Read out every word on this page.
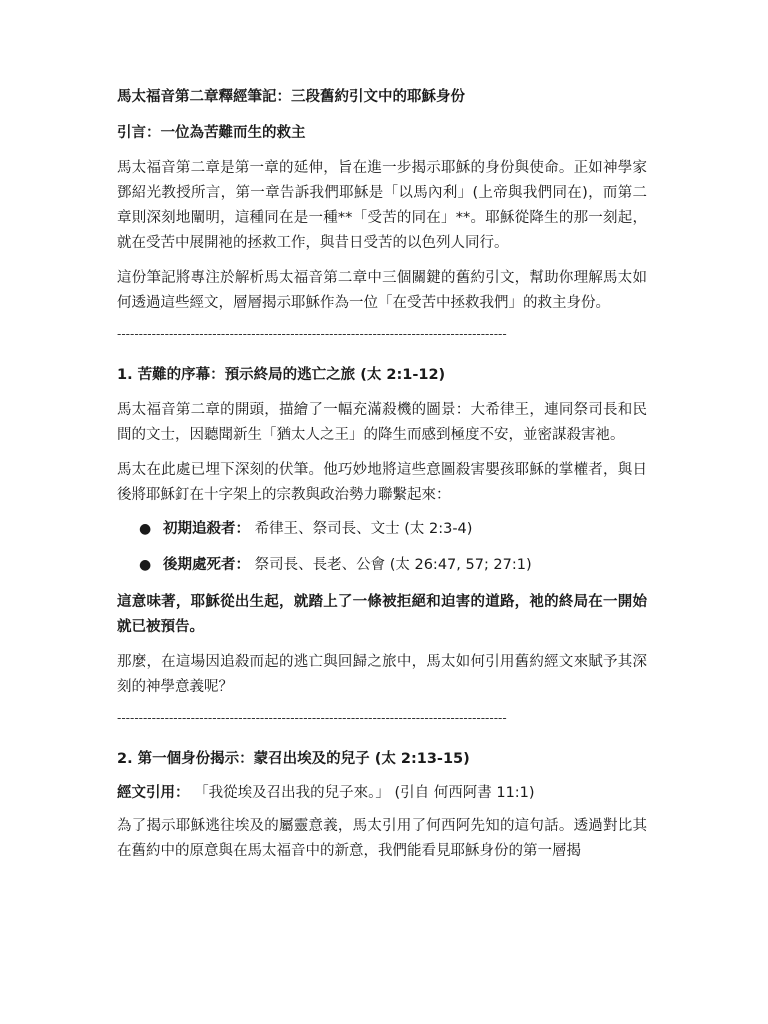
馬太福音第二章釋經筆記：三段舊約引文中的耶穌身份
引言：一位為苦難而生的救主
馬太福音第二章是第一章的延伸，旨在進一步揭示耶穌的身份與使命。正如神學家鄧紹光教授所言，第一章告訴我們耶穌是「以馬內利」(上帝與我們同在)，而第二章則深刻地闡明，這種同在是一種**「受苦的同在」**。耶穌從降生的那一刻起，就在受苦中展開祂的拯救工作，與昔日受苦的以色列人同行。
這份筆記將專注於解析馬太福音第二章中三個關鍵的舊約引文，幫助你理解馬太如何透過這些經文，層層揭示耶穌作為一位「在受苦中拯救我們」的救主身份。
------------------------------------------------------------------------------------------
1. 苦難的序幕：預示終局的逃亡之旅 (太 2:1-12)
馬太福音第二章的開頭，描繪了一幅充滿殺機的圖景：大希律王，連同祭司長和民間的文士，因聽聞新生「猶太人之王」的降生而感到極度不安，並密謀殺害祂。
馬太在此處已埋下深刻的伏筆。他巧妙地將這些意圖殺害嬰孩耶穌的掌權者，與日後將耶穌釘在十字架上的宗教與政治勢力聯繫起來：
● 初期追殺者： 希律王、祭司長、文士 (太 2:3-4)
● 後期處死者： 祭司長、長老、公會 (太 26:47, 57; 27:1)
這意味著，耶穌從出生起，就踏上了一條被拒絕和迫害的道路，祂的終局在一開始就已被預告。
那麼，在這場因追殺而起的逃亡與回歸之旅中，馬太如何引用舊約經文來賦予其深刻的神學意義呢？
------------------------------------------------------------------------------------------
2. 第一個身份揭示：蒙召出埃及的兒子 (太 2:13-15)
經文引用： 「我從埃及召出我的兒子來。」 (引自 何西阿書 11:1)
為了揭示耶穌逃往埃及的屬靈意義，馬太引用了何西阿先知的這句話。透過對比其在舊約中的原意與在馬太福音中的新意，我們能看見耶穌身份的第一層揭
